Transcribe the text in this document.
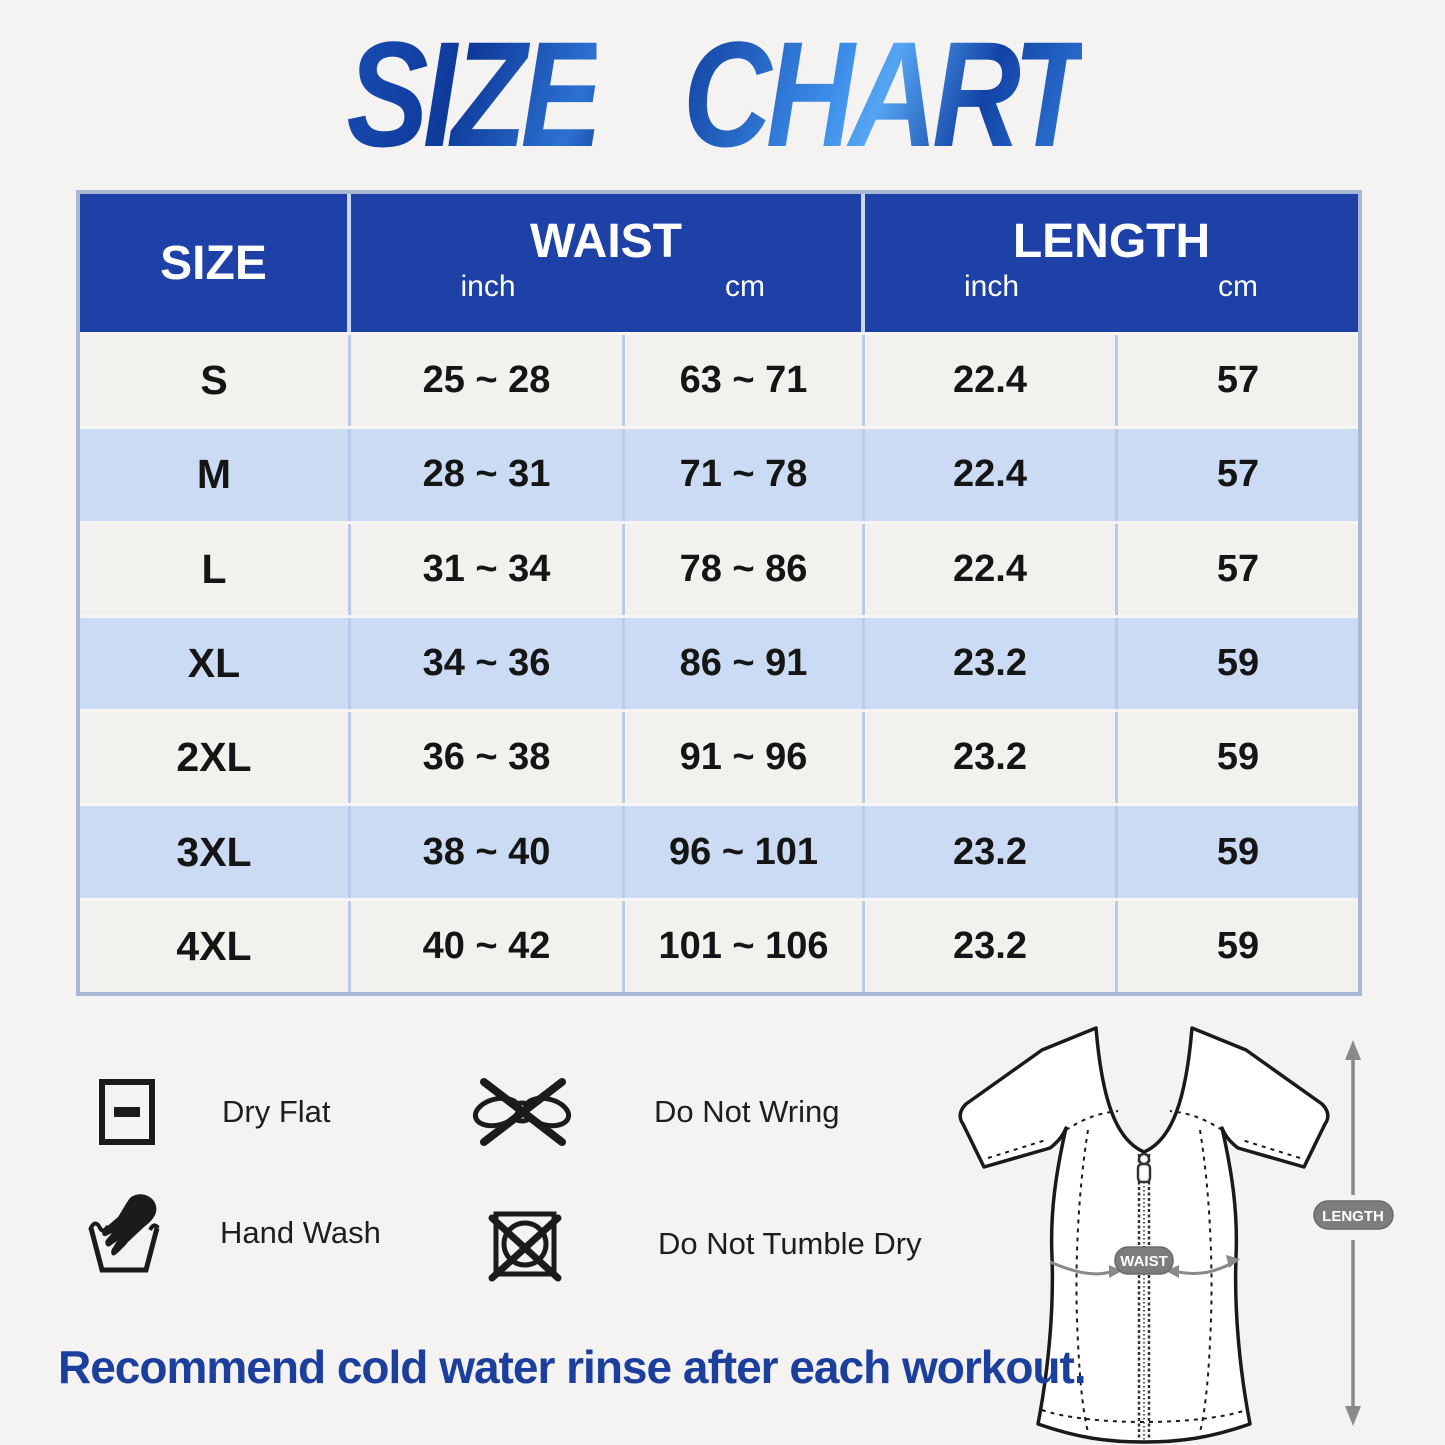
SIZE CHART
SIZE	WAIST
inch	cm
LENGTH
inch	cm
S	25 ~ 28	63 ~ 71	22.4	57
M	28 ~ 31	71 ~ 78	22.4	57
L	31 ~ 34	78 ~ 86	22.4	57
XL	34 ~ 36	86 ~ 91	23.2	59
2XL	36 ~ 38	91 ~ 96	23.2	59
3XL	38 ~ 40	96 ~ 101	23.2	59
4XL	40 ~ 42	101 ~ 106	23.2	59
Dry Flat
Hand Wash
Do Not Wring
Do Not Tumble Dry
WAIST
LENGTH
Recommend cold water rinse after each workout.
